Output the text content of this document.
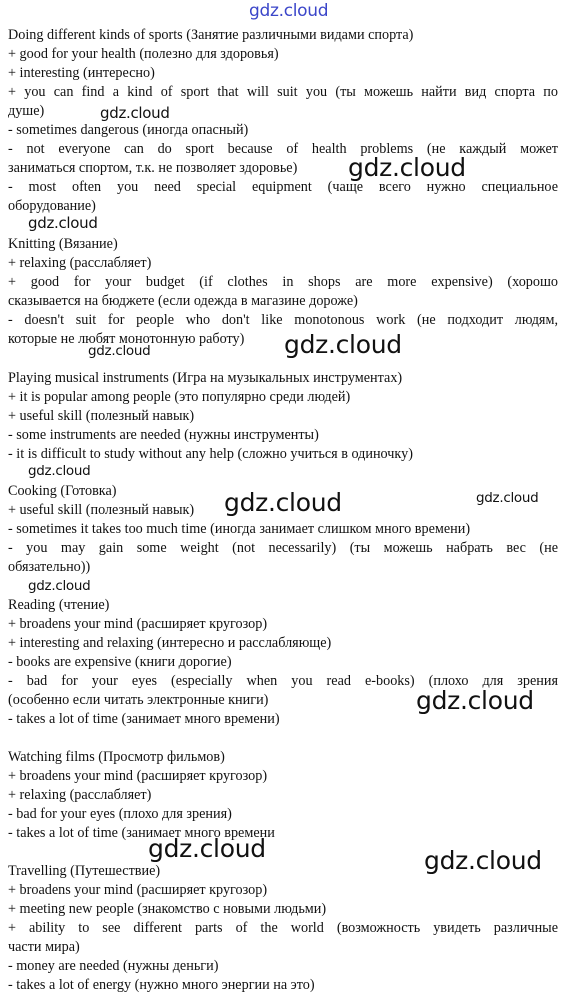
Doing different kinds of sports (Занятие различными видами спорта)
+ good for your health (полезно для здоровья)
+ interesting (интересно)
+ you can find a kind of sport that will suit you (ты можешь найти вид спорта по
душе)
- sometimes dangerous (иногда опасный)
- not everyone can do sport because of health problems (не каждый может
заниматься спортом, т.к. не позволяет здоровье)
- most often you need special equipment (чаще всего нужно специальное
оборудование)
Knitting (Вязание)
+ relaxing (расслабляет)
+ good for your budget (if clothes in shops are more expensive) (хорошо
сказывается на бюджете (если одежда в магазине дороже)
- doesn't suit for people who don't like monotonous work (не подходит людям,
которые не любят монотонную работу)
Playing musical instruments (Игра на музыкальных инструментах)
+ it is popular among people (это популярно среди людей)
+ useful skill (полезный навык)
- some instruments are needed (нужны инструменты)
- it is difficult to study without any help (сложно учиться в одиночку)
Cooking (Готовка)
+ useful skill (полезный навык)
- sometimes it takes too much time (иногда занимает слишком много времени)
- you may gain some weight (not necessarily) (ты можешь набрать вес (не
обязательно))
Reading (чтение)
+ broadens your mind (расширяет кругозор)
+ interesting and relaxing (интересно и расслабляюще)
- books are expensive (книги дорогие)
- bad for your eyes (especially when you read e-books) (плохо для зрения
(особенно если читать электронные книги)
- takes a lot of time (занимает много времени)
Watching films (Просмотр фильмов)
+ broadens your mind (расширяет кругозор)
+ relaxing (расслабляет)
- bad for your eyes (плохо для зрения)
- takes a lot of time (занимает много времени
Travelling (Путешествие)
+ broadens your mind (расширяет кругозор)
+ meeting new people (знакомство с новыми людьми)
+ ability to see different parts of the world (возможность увидеть различные
части мира)
- money are needed (нужны деньги)
- takes a lot of energy (нужно много энергии на это)
gdz.cloud
gdz.cloud
gdz.cloud
gdz.cloud
gdz.cloud
gdz.cloud
gdz.cloud
gdz.cloud	gdz.cloud
gdz.cloud
gdz.cloud
gdz.cloud	gdz.cloud
